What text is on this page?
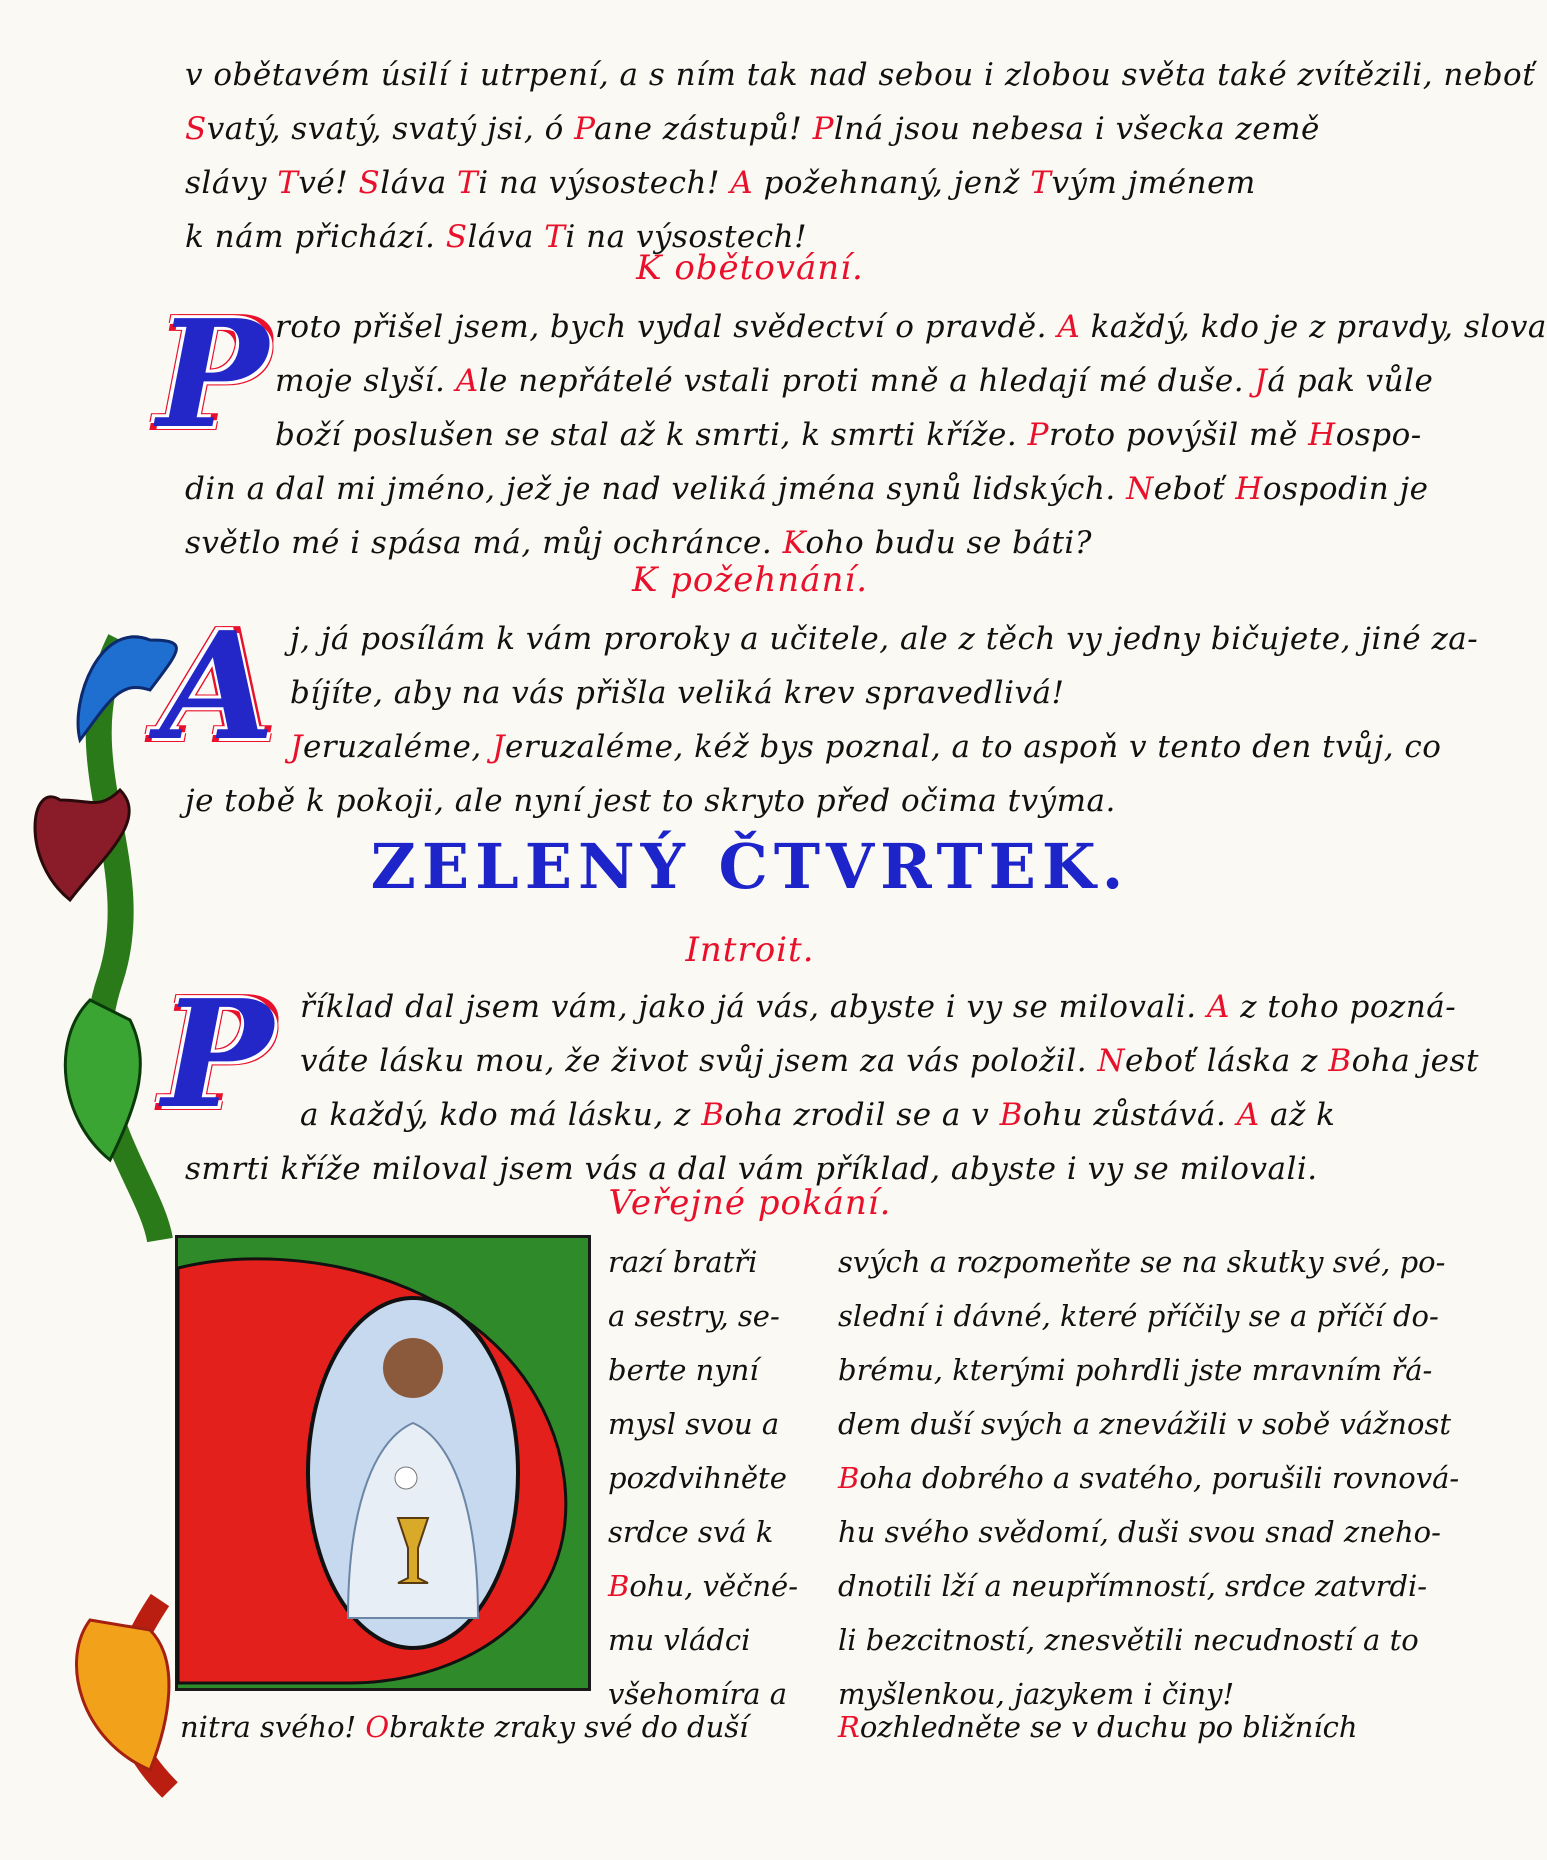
v obětavém úsilí i utrpení, a s ním tak nad sebou i zlobou světa také zvítězili, neboť
Svatý, svatý, svatý jsi, ó Pane zástupů! Plná jsou nebesa i všecka země
slávy Tvé! Sláva Ti na výsostech! A požehnaný, jenž Tvým jménem
k nám přichází. Sláva Ti na výsostech!
K obětování.
P roto přišel jsem, bych vydal svědectví o pravdě. A každý, kdo je z pravdy, slova
moje slyší. Ale nepřátelé vstali proti mně a hledají mé duše. Já pak vůle
boží poslušen se stal až k smrti, k smrti kříže. Proto povýšil mě Hospo-
din a dal mi jméno, jež je nad veliká jména synů lidských. Neboť Hospodin je
světlo mé i spása má, můj ochránce. Koho budu se báti?
K požehnání.
A j, já posílám k vám proroky a učitele, ale z těch vy jedny bičujete, jiné za-
bíjíte, aby na vás přišla veliká krev spravedlivá!
Jeruzaléme, Jeruzaléme, kéž bys poznal, a to aspoň v tento den tvůj, co
je tobě k pokoji, ale nyní jest to skryto před očima tvýma.
ZELENÝ ČTVRTEK.
Introit.
P říklad dal jsem vám, jako já vás, abyste i vy se milovali. A z toho pozná-
váte lásku mou, že život svůj jsem za vás položil. Neboť láska z Boha jest
a každý, kdo má lásku, z Boha zrodil se a v Bohu zůstává. A až k
smrti kříže miloval jsem vás a dal vám příklad, abyste i vy se milovali.
Veřejné pokání.
razí bratři
a sestry, se-
berte nyní
mysl svou a
pozdvihněte
srdce svá k
Bohu, věčné-
mu vládci
všehomíra a
svých a rozpomeňte se na skutky své, po-
slední i dávné, které příčily se a příčí do-
brému, kterými pohrdli jste mravním řá-
dem duší svých a znevážili v sobě vážnost
Boha dobrého a svatého, porušili rovnová-
hu svého svědomí, duši svou snad zneho-
dnotili lží a neupřímností, srdce zatvrdi-
li bezcitností, znesvětili necudností a to
myšlenkou, jazykem i činy!
nitra svého! Obrakte zraky své do duší	Rozhledněte se v duchu po bližních
